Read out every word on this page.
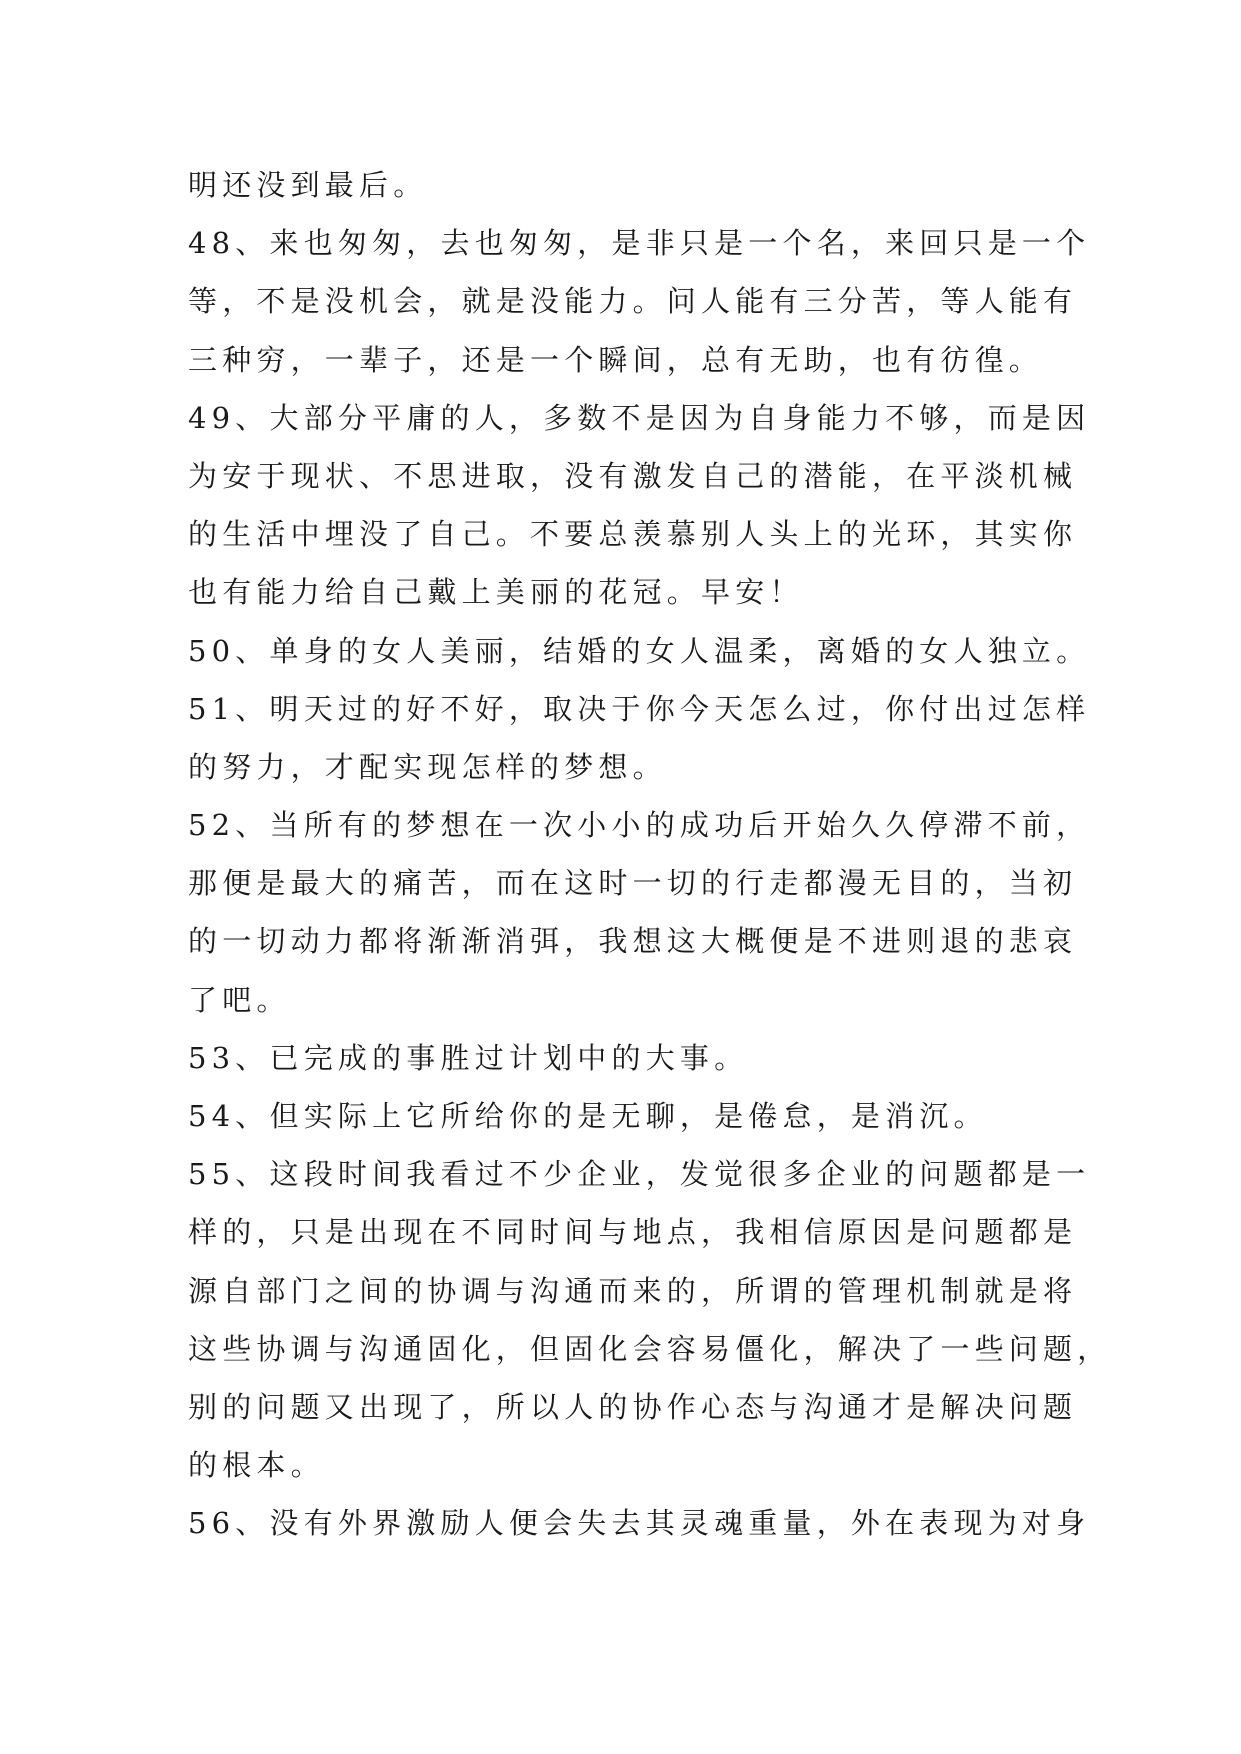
明还没到最后。
48、来也匆匆，去也匆匆，是非只是一个名，来回只是一个
等，不是没机会，就是没能力。问人能有三分苦，等人能有
三种穷，一辈子，还是一个瞬间，总有无助，也有彷徨。
49、大部分平庸的人，多数不是因为自身能力不够，而是因
为安于现状、不思进取，没有激发自己的潜能，在平淡机械
的生活中埋没了自己。不要总羡慕别人头上的光环，其实你
也有能力给自己戴上美丽的花冠。早安！
50、单身的女人美丽，结婚的女人温柔，离婚的女人独立。
51、明天过的好不好，取决于你今天怎么过，你付出过怎样
的努力，才配实现怎样的梦想。
52、当所有的梦想在一次小小的成功后开始久久停滞不前，
那便是最大的痛苦，而在这时一切的行走都漫无目的，当初
的一切动力都将渐渐消弭，我想这大概便是不进则退的悲哀
了吧。
53、已完成的事胜过计划中的大事。
54、但实际上它所给你的是无聊，是倦怠，是消沉。
55、这段时间我看过不少企业，发觉很多企业的问题都是一
样的，只是出现在不同时间与地点，我相信原因是问题都是
源自部门之间的协调与沟通而来的，所谓的管理机制就是将
这些协调与沟通固化，但固化会容易僵化，解决了一些问题，
别的问题又出现了，所以人的协作心态与沟通才是解决问题
的根本。
56、没有外界激励人便会失去其灵魂重量，外在表现为对身
